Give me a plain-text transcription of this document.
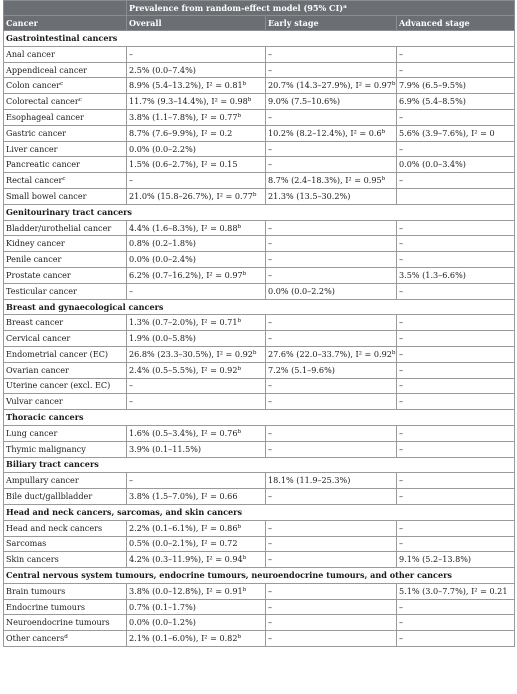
	Prevalence from random-effect model (95% CI)$^a$
Cancer	Overall	Early stage	Advanced stage
Gastrointestinal cancers			
Anal cancer	–	–	–
Appendiceal cancer	2.5% (0.0–7.4%)	–	–
Colon cancer$^c$	8.9% (5.4–13.2%), I² = 0.81$^b$	20.7% (14.3–27.9%), I² = 0.97$^b$	7.9% (6.5–9.5%)
Colorectal cancer$^c$	11.7% (9.3–14.4%), I² = 0.98$^b$	9.0% (7.5–10.6%)	6.9% (5.4–8.5%)
Esophageal cancer	3.8% (1.1–7.8%), I² = 0.77$^b$	–	–
Gastric cancer	8.7% (7.6–9.9%), I² = 0.2	10.2% (8.2–12.4%), I² = 0.6$^b$	5.6% (3.9–7.6%), I² = 0
Liver cancer	0.0% (0.0–2.2%)	–	–
Pancreatic cancer	1.5% (0.6–2.7%), I² = 0.15	–	0.0% (0.0–3.4%)
Rectal cancer$^c$	–	8.7% (2.4–18.3%), I² = 0.95$^b$	–
Small bowel cancer	21.0% (15.8–26.7%), I² = 0.77$^b$	21.3% (13.5–30.2%)	
Genitourinary tract cancers			
Bladder/urothelial cancer	4.4% (1.6–8.3%), I² = 0.88$^b$	–	–
Kidney cancer	0.8% (0.2–1.8%)	–	–
Penile cancer	0.0% (0.0–2.4%)	–	–
Prostate cancer	6.2% (0.7–16.2%), I² = 0.97$^b$	–	3.5% (1.3–6.6%)
Testicular cancer	–	0.0% (0.0–2.2%)	–
Breast and gynaecological cancers			
Breast cancer	1.3% (0.7–2.0%), I² = 0.71$^b$	–	–
Cervical cancer	1.9% (0.0–5.8%)	–	–
Endometrial cancer (EC)	26.8% (23.3–30.5%), I² = 0.92$^b$	27.6% (22.0–33.7%), I² = 0.92$^b$	–
Ovarian cancer	2.4% (0.5–5.5%), I² = 0.92$^b$	7.2% (5.1–9.6%)	–
Uterine cancer (excl. EC)	–	–	–
Vulvar cancer	–	–	–
Thoracic cancers			
Lung cancer	1.6% (0.5–3.4%), I² = 0.76$^b$	–	–
Thymic malignancy	3.9% (0.1–11.5%)	–	–
Biliary tract cancers			
Ampullary cancer	–	18.1% (11.9–25.3%)	–
Bile duct/gallbladder	3.8% (1.5–7.0%), I² = 0.66	–	–
Head and neck cancers, sarcomas, and skin cancers			
Head and neck cancers	2.2% (0.1–6.1%), I² = 0.86$^b$	–	–
Sarcomas	0.5% (0.0–2.1%), I² = 0.72	–	–
Skin cancers	4.2% (0.3–11.9%), I² = 0.94$^b$	–	9.1% (5.2–13.8%)
Central nervous system tumours, endocrine tumours, neuroendocrine tumours, and other cancers			
Brain tumours	3.8% (0.0–12.8%), I² = 0.91$^b$	–	5.1% (3.0–7.7%), I² = 0.21
Endocrine tumours	0.7% (0.1–1.7%)	–	–
Neuroendocrine tumours	0.0% (0.0–1.2%)	–	–
Other cancers$^d$	2.1% (0.1–6.0%), I² = 0.82$^b$	–	–
